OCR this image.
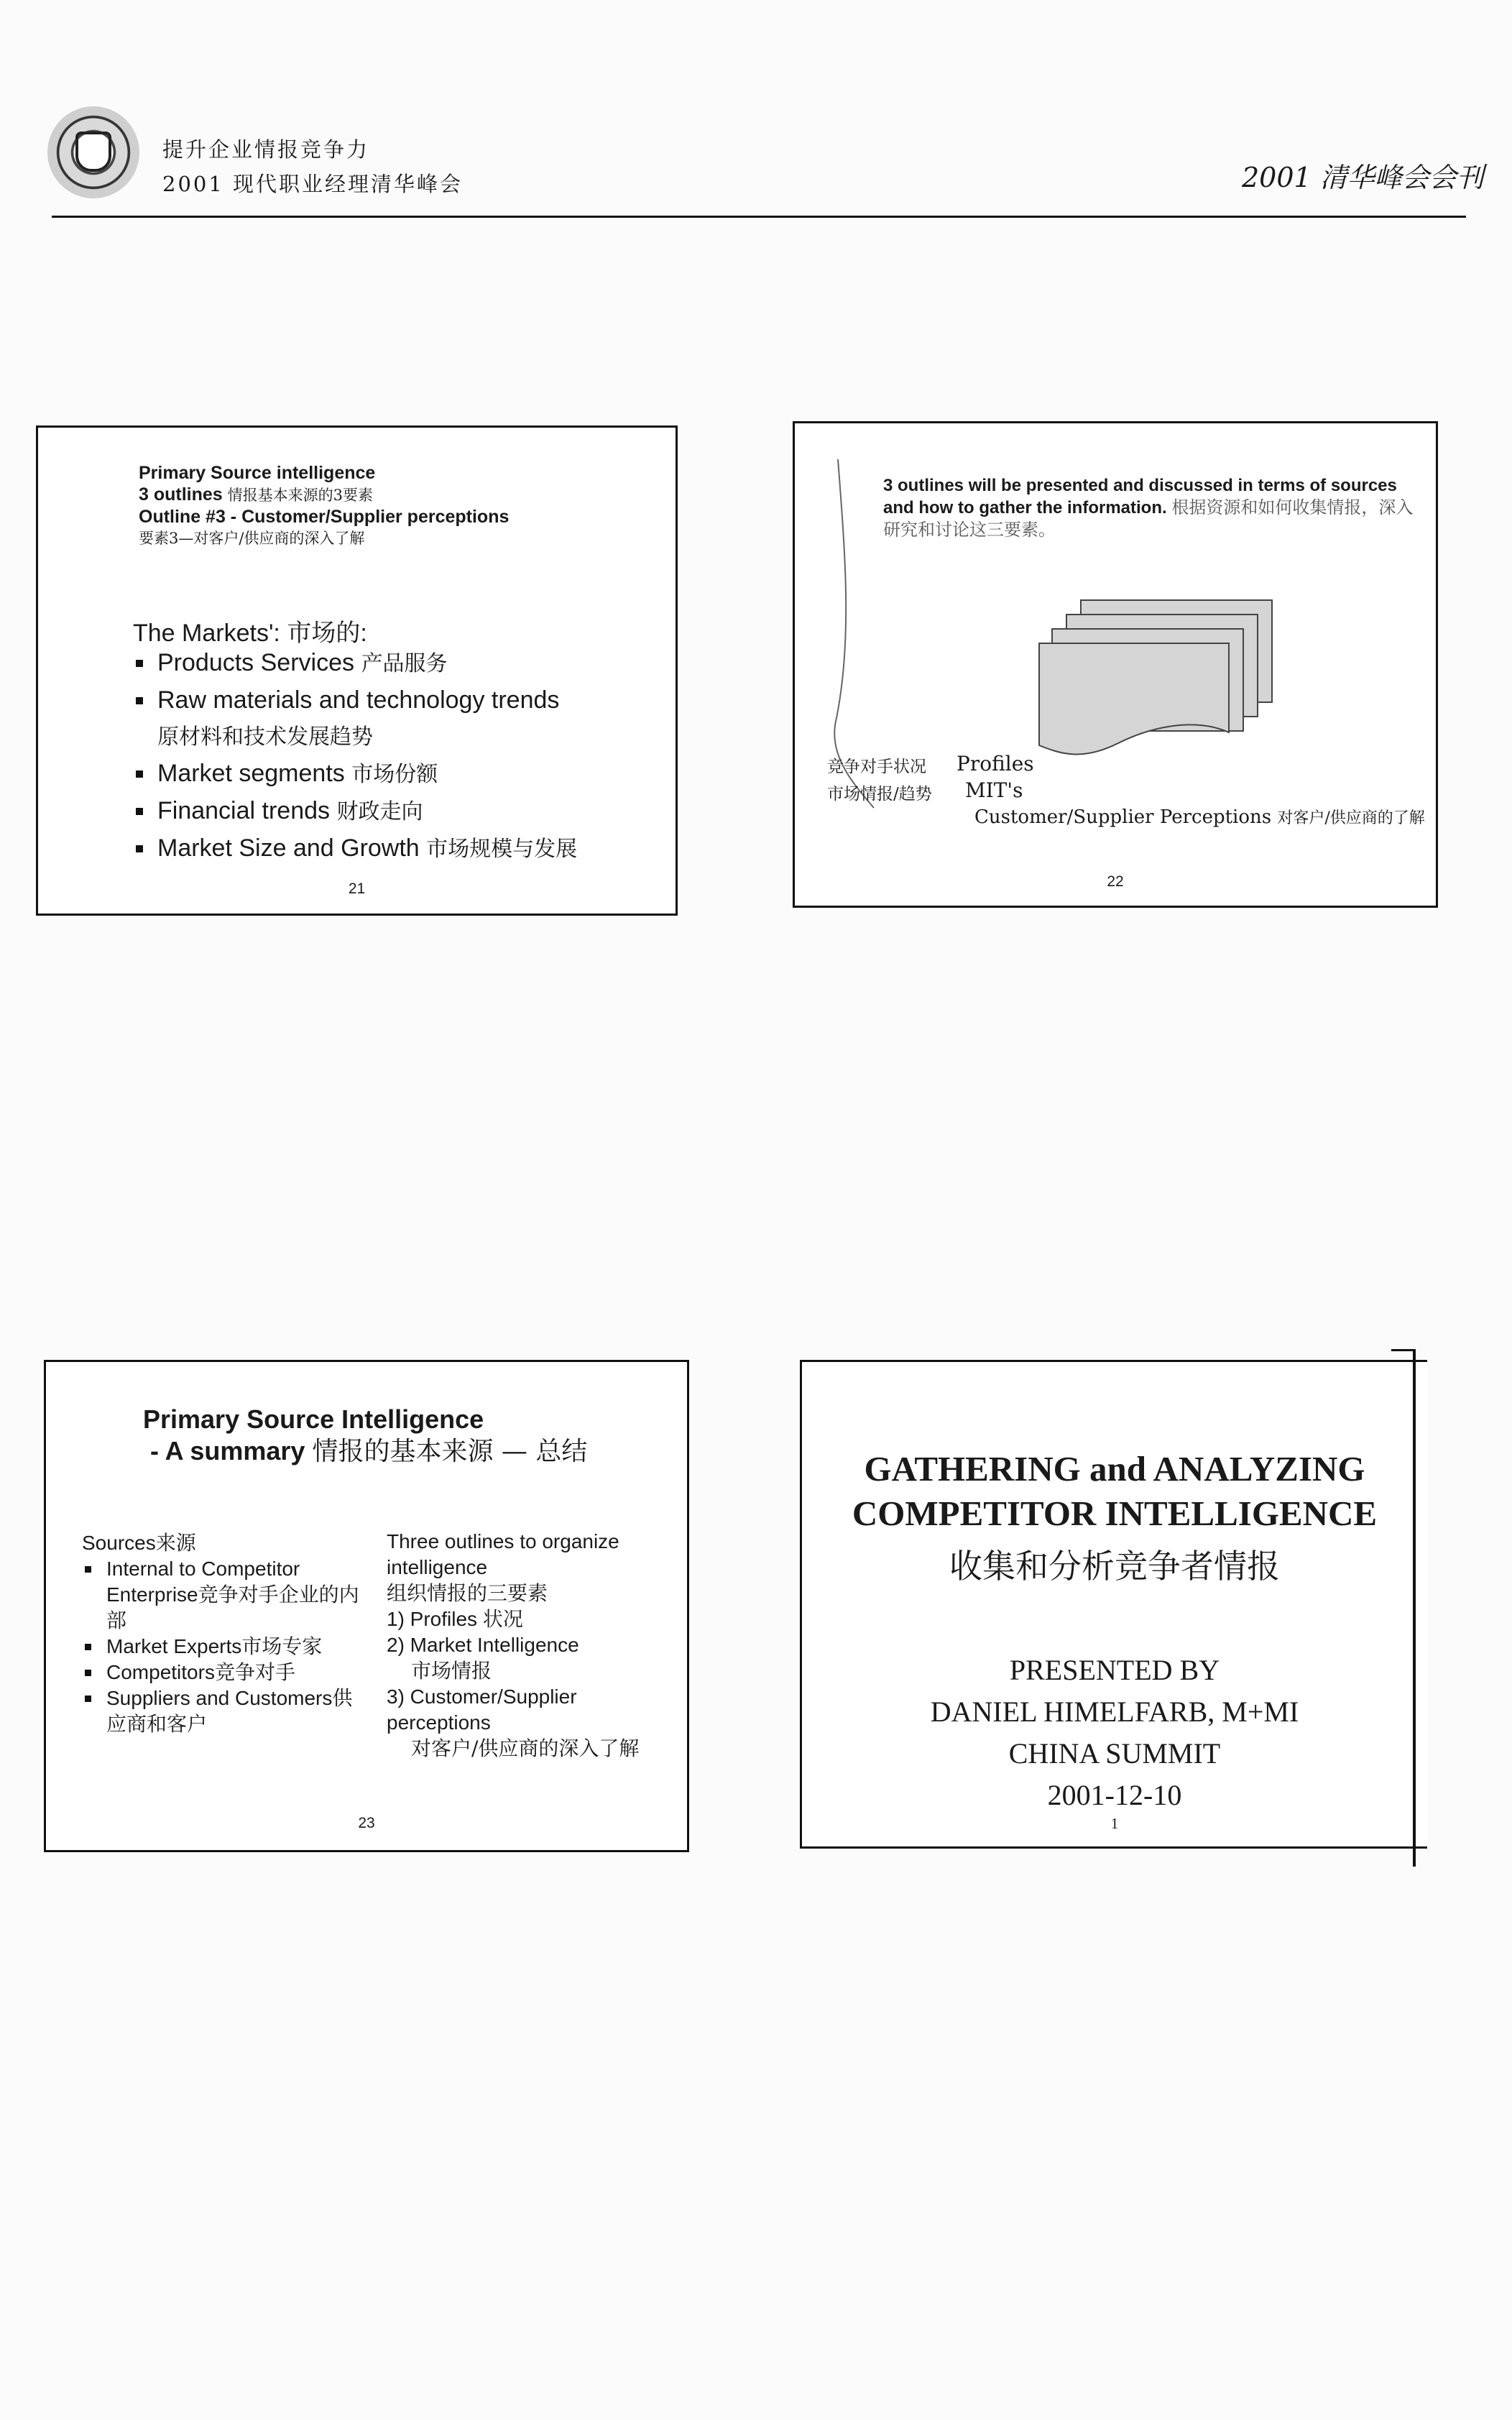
提升企业情报竞争力
2001 现代职业经理清华峰会	2001 清华峰会会刊
Primary Source intelligence
3 outlines 情报基本来源的3要素
Outline #3 - Customer/Supplier perceptions
要素3—对客户/供应商的深入了解
The Markets': 市场的:
Products Services 产品服务
Raw materials and technology trends
原材料和技术发展趋势
Market segments 市场份额
Financial trends 财政走向
Market Size and Growth 市场规模与发展
21
3 outlines will be presented and discussed in terms of sources and how to gather the information. 根据资源和如何收集情报，深入研究和讨论这三要素。
竞争对手状况
市场情报/趋势
Profiles
MIT's
Customer/Supplier Perceptions 对客户/供应商的了解
22
Primary Source Intelligence
- A summary 情报的基本来源 — 总结
Sources来源
Internal to Competitor Enterprise竞争对手企业的内部
Market Experts市场专家
Competitors竞争对手
Suppliers and Customers供应商和客户
Three outlines to organize intelligence
组织情报的三要素
1) Profiles 状况
2) Market Intelligence
市场情报
3) Customer/Supplier perceptions
对客户/供应商的深入了解
23
GATHERING and ANALYZING
COMPETITOR INTELLIGENCE
收集和分析竞争者情报
PRESENTED BY
DANIEL HIMELFARB, M+MI
CHINA SUMMIT
2001-12-10
1
